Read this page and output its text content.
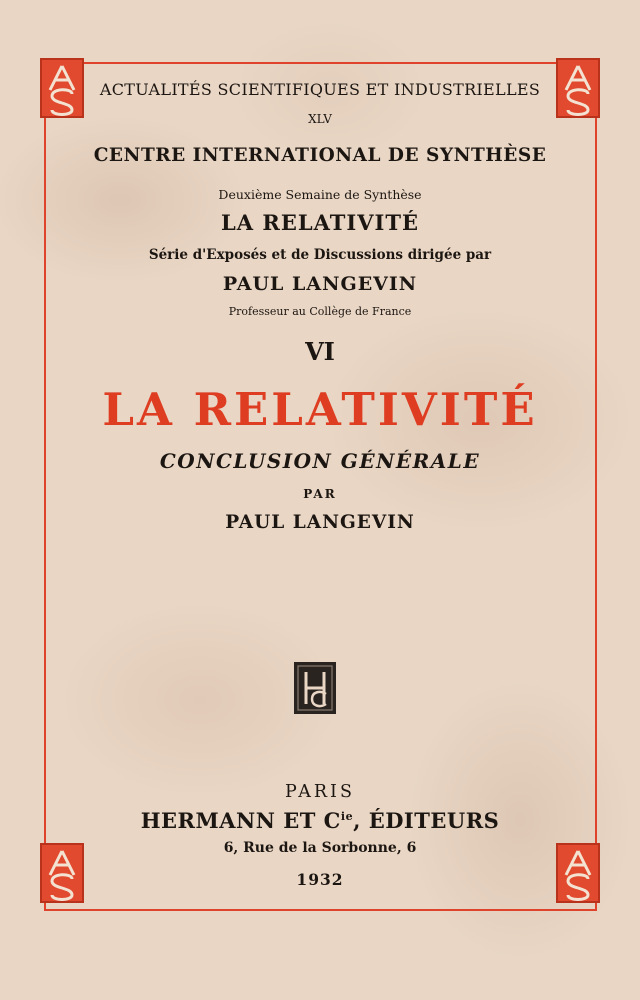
ACTUALITÉS SCIENTIFIQUES ET INDUSTRIELLES
XLV
CENTRE INTERNATIONAL DE SYNTHÈSE
Deuxième Semaine de Synthèse
LA RELATIVITÉ
Série d'Exposés et de Discussions dirigée par
PAUL LANGEVIN
Professeur au Collège de France
VI
LA RELATIVITÉ
CONCLUSION GÉNÉRALE
PAR
PAUL LANGEVIN
PARIS
HERMANN ET $C^{ie}$, ÉDITEURS
6, Rue de la Sorbonne, 6
1932
